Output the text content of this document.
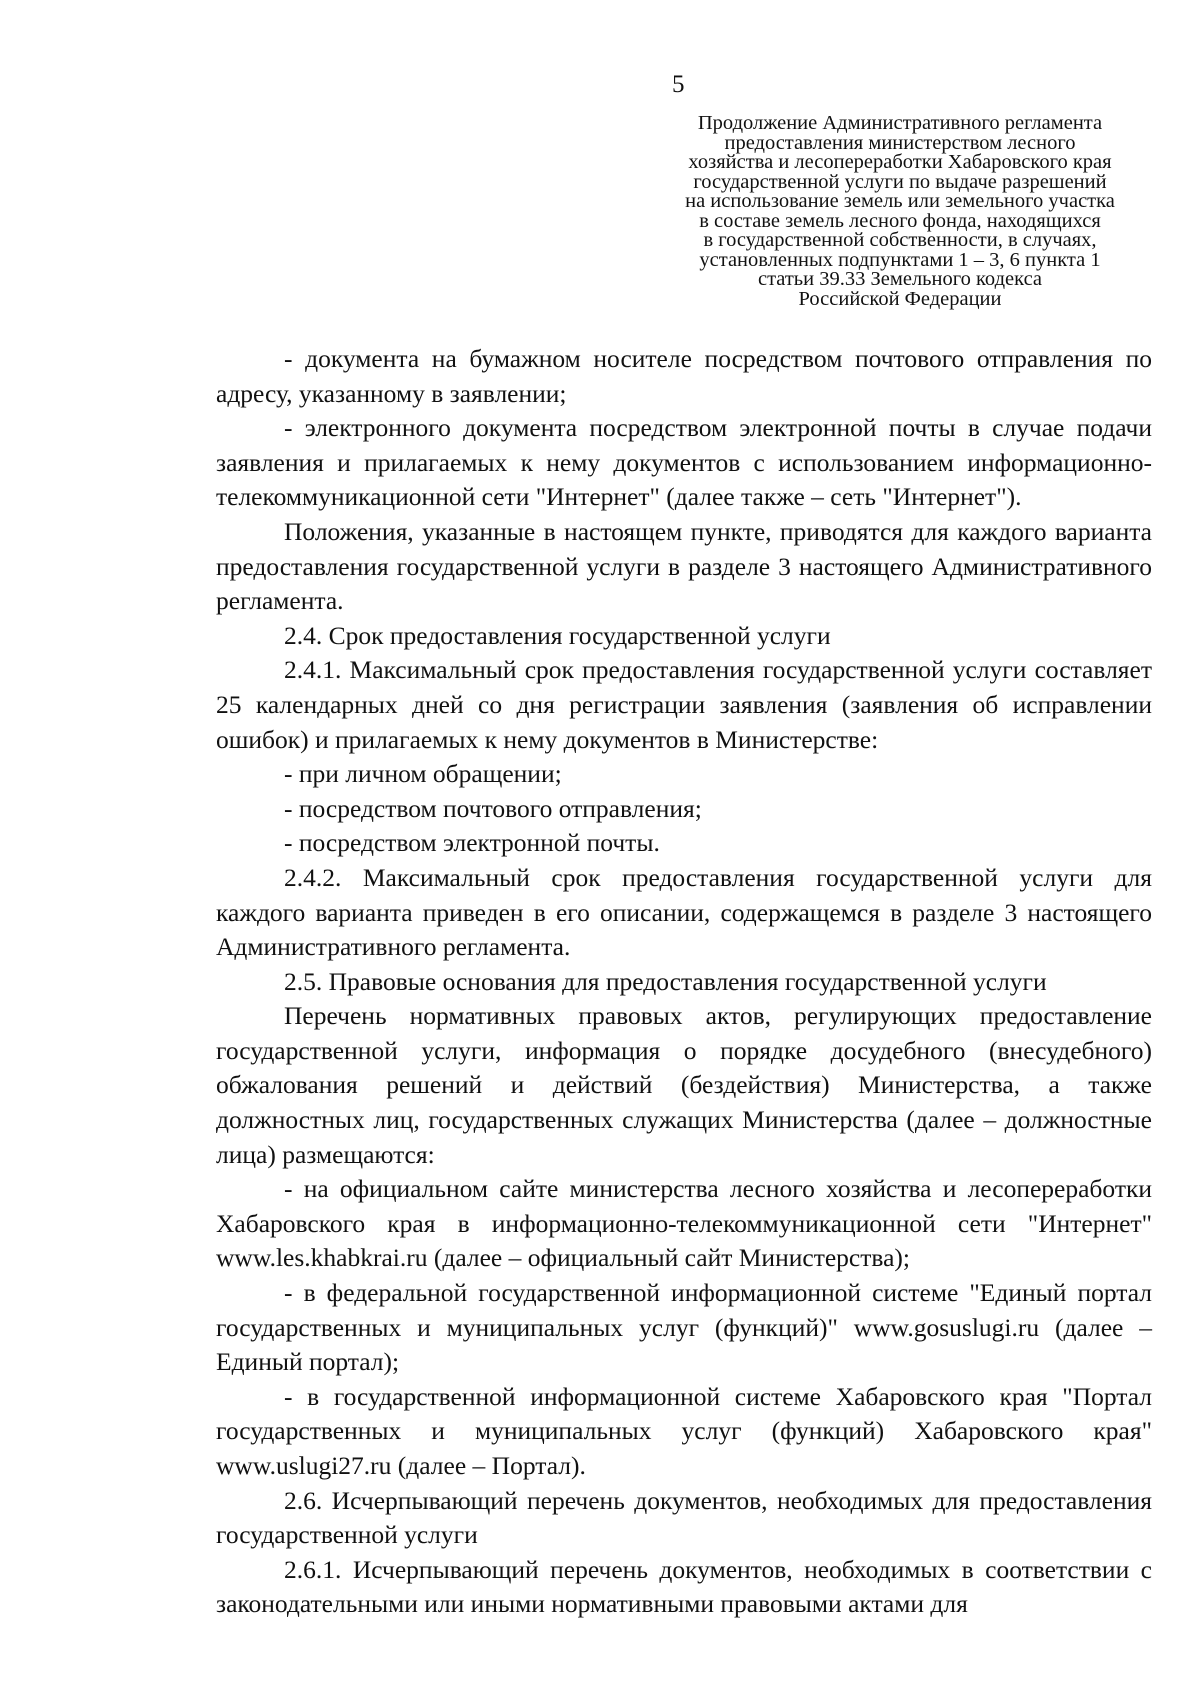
5
Продолжение Административного регламента
предоставления министерством лесного
хозяйства и лесопереработки Хабаровского края
государственной услуги по выдаче разрешений
на использование земель или земельного участка
в составе земель лесного фонда, находящихся
в государственной собственности, в случаях,
установленных подпунктами 1 – 3, 6 пункта 1
статьи 39.33 Земельного кодекса
Российской Федерации

- документа на бумажном носителе посредством почтового отправления по адресу, указанному в заявлении;

- электронного документа посредством электронной почты в случае подачи заявления и прилагаемых к нему документов с использованием информационно-телекоммуникационной сети "Интернет" (далее также – сеть "Интернет").

Положения, указанные в настоящем пункте, приводятся для каждого варианта предоставления государственной услуги в разделе 3 настоящего Административного регламента.

2.4. Срок предоставления государственной услуги

2.4.1. Максимальный срок предоставления государственной услуги составляет 25 календарных дней со дня регистрации заявления (заявления об исправлении ошибок) и прилагаемых к нему документов в Министерстве:

- при личном обращении;

- посредством почтового отправления;

- посредством электронной почты.

2.4.2. Максимальный срок предоставления государственной услуги для каждого варианта приведен в его описании, содержащемся в разделе 3 настоящего Административного регламента.

2.5. Правовые основания для предоставления государственной услуги

Перечень нормативных правовых актов, регулирующих предоставление государственной услуги, информация о порядке досудебного (внесудебного) обжалования решений и действий (бездействия) Министерства, а также должностных лиц, государственных служащих Министерства (далее – должностные лица) размещаются:

- на официальном сайте министерства лесного хозяйства и лесопереработки Хабаровского края в информационно-телекоммуникационной сети "Интернет" www.les.khabkrai.ru (далее – официальный сайт Министерства);

- в федеральной государственной информационной системе "Единый портал государственных и муниципальных услуг (функций)" www.gosuslugi.ru (далее – Единый портал);

- в государственной информационной системе Хабаровского края "Портал государственных и муниципальных услуг (функций) Хабаровского края" www.uslugi27.ru (далее – Портал).

2.6. Исчерпывающий перечень документов, необходимых для предоставления государственной услуги

2.6.1. Исчерпывающий перечень документов, необходимых в соответствии с законодательными или иными нормативными правовыми актами для
